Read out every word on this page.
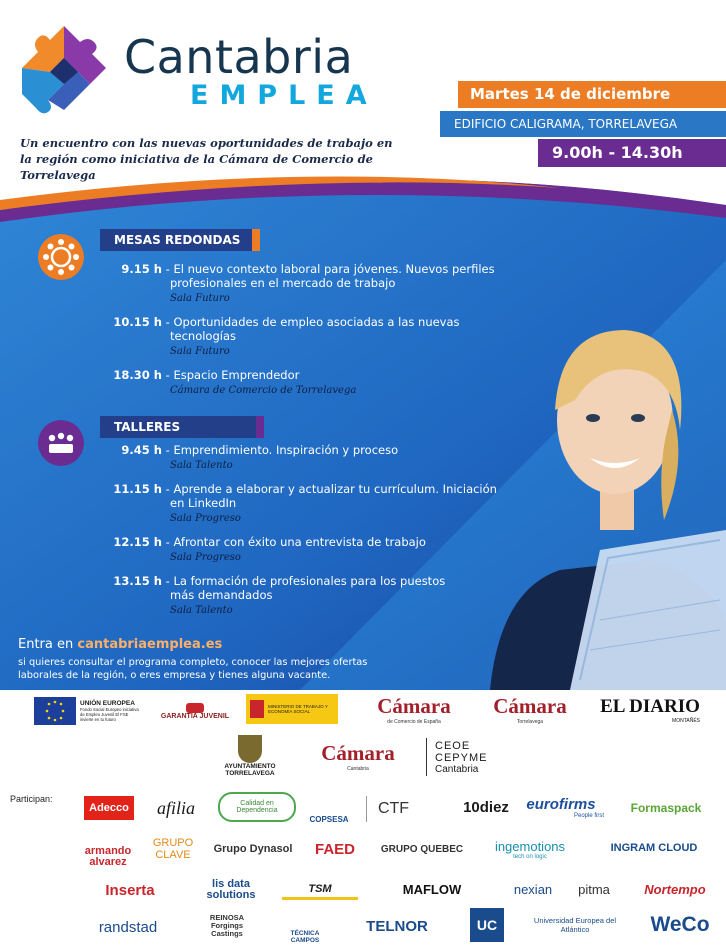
Cantabria
EMPLEA	Martes 14 de diciembre
EDIFICIO CALIGRAMA, TORRELAVEGA
9.00h - 14.30h
Un encuentro con las nuevas oportunidades de trabajo en la región como iniciativa de la Cámara de Comercio de Torrelavega
MESAS REDONDAS
TALLERES
9.15 h - El nuevo contexto laboral para jóvenes. Nuevos perfiles
profesionales en el mercado de trabajo
Sala Futuro
10.15 h - Oportunidades de empleo asociadas a las nuevas
tecnologías
Sala Futuro
18.30 h - Espacio Emprendedor
Cámara de Comercio de Torrelavega
9.45 h - Emprendimiento. Inspiración y proceso
Sala Talento
11.15 h - Aprende a elaborar y actualizar tu currículum. Iniciación
en LinkedIn
Sala Progreso
12.15 h - Afrontar con éxito una entrevista de trabajo
Sala Progreso
13.15 h - La formación de profesionales para los puestos
más demandados
Sala Talento
Entra en cantabriaemplea.es
si quieres consultar el programa completo, conocer las mejores ofertas laborales de la región, o eres empresa y tienes alguna vacante.
UNIÓN EUROPEA
Fondo Social Europeo iniciativa de Empleo Juvenil El FSE invierte en tu futuro	GARANTÍA JUVENIL
MINISTERIO DE TRABAJO Y ECONOMÍA SOCIAL	Cámara
de Comercio de España
Cámara
Torrelavega
EL DIARIO
MONTAÑÉS
AYUNTAMIENTO TORRELAVEGA
Cámara
Cantabria
CEOE
CEPYME
Cantabria
Participan:
Adecco	afilia	Calidad en Dependencia
COPSESA
CTF	10diez eurofirms
People first
Formaspack
armando alvarez
GRUPO CLAVE	Grupo Dynasol	FAED	GRUPO QUEBEC	ingemotions
tech on logic
INGRAM CLOUD
Inserta	lis data solutions
TSM	MAFLOW	nexian	pitma	Nortempo
randstad
REINOSA Forgings Castings	TÉCNICA CAMPOS
TELNOR	UC	Universidad Europea del Atlántico	WeCo
